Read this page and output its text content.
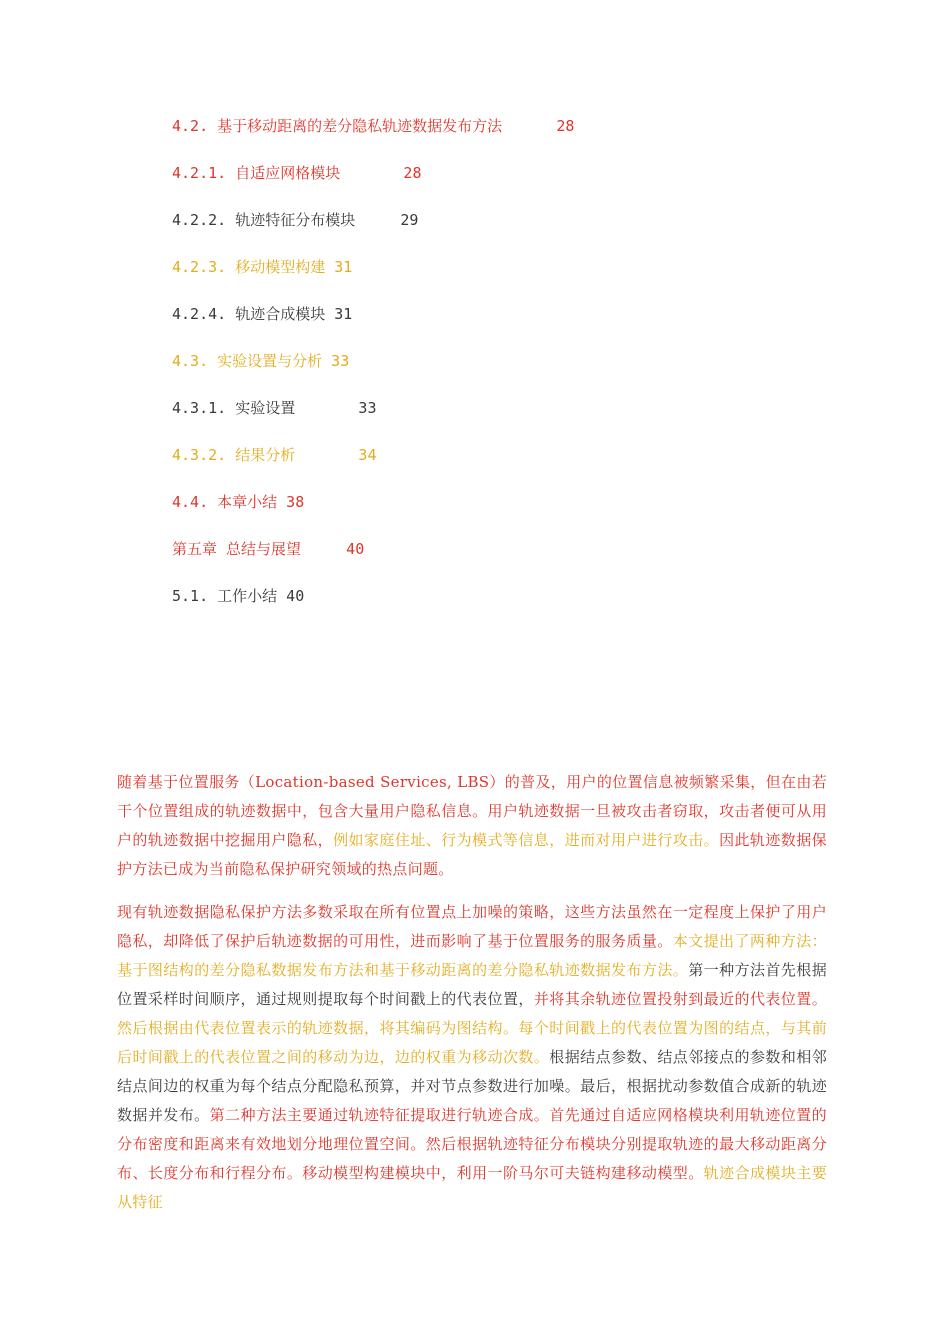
4.2. 基于移动距离的差分隐私轨迹数据发布方法      28
4.2.1. 自适应网格模块       28
4.2.2. 轨迹特征分布模块     29
4.2.3. 移动模型构建 31
4.2.4. 轨迹合成模块 31
4.3. 实验设置与分析 33
4.3.1. 实验设置       33
4.3.2. 结果分析       34
4.4. 本章小结 38
第五章 总结与展望     40
5.1. 工作小结 40

随着基于位置服务（Location-based Services, LBS）的普及，用户的位置信息被频繁采集，但在由若干个位置组成的轨迹数据中，包含大量用户隐私信息。用户轨迹数据一旦被攻击者窃取，攻击者便可从用户的轨迹数据中挖掘用户隐私，例如家庭住址、行为模式等信息，进而对用户进行攻击。因此轨迹数据保护方法已成为当前隐私保护研究领域的热点问题。

现有轨迹数据隐私保护方法多数采取在所有位置点上加噪的策略，这些方法虽然在一定程度上保护了用户隐私，却降低了保护后轨迹数据的可用性，进而影响了基于位置服务的服务质量。本文提出了两种方法：基于图结构的差分隐私数据发布方法和基于移动距离的差分隐私轨迹数据发布方法。第一种方法首先根据位置采样时间顺序，通过规则提取每个时间戳上的代表位置，并将其余轨迹位置投射到最近的代表位置。然后根据由代表位置表示的轨迹数据，将其编码为图结构。每个时间戳上的代表位置为图的结点，与其前后时间戳上的代表位置之间的移动为边，边的权重为移动次数。根据结点参数、结点邻接点的参数和相邻结点间边的权重为每个结点分配隐私预算，并对节点参数进行加噪。最后，根据扰动参数值合成新的轨迹数据并发布。第二种方法主要通过轨迹特征提取进行轨迹合成。首先通过自适应网格模块利用轨迹位置的分布密度和距离来有效地划分地理位置空间。然后根据轨迹特征分布模块分别提取轨迹的最大移动距离分布、长度分布和行程分布。移动模型构建模块中，利用一阶马尔可夫链构建移动模型。轨迹合成模块主要从特征
